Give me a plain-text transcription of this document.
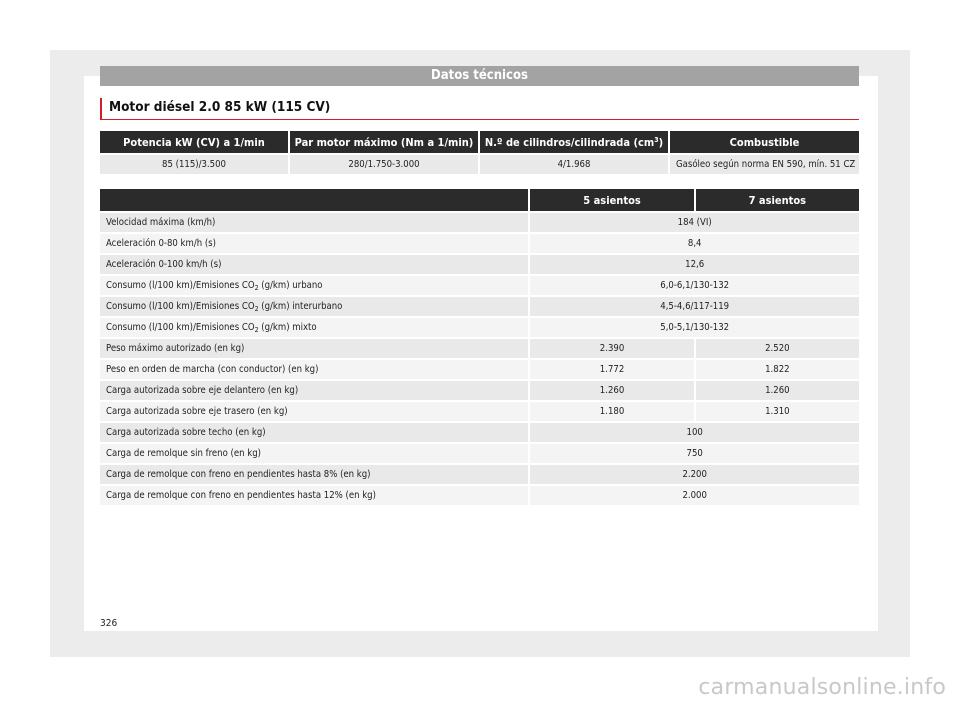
Datos técnicos
Motor diésel 2.0 85 kW (115 CV)
Potencia kW (CV) a 1/min	Par motor máximo (Nm a 1/min)	N.º de cilindros/cilindrada $(cm^3)$	Combustible
85 (115)/3.500	280/1.750-3.000	4/1.968	Gasóleo según norma EN 590, mín. 51 CZ
	5 asientos	7 asientos
Velocidad máxima (km/h)	184 (VI)	
Aceleración 0-80 km/h (s)	8,4	
Aceleración 0-100 km/h (s)	12,6	
Consumo (l/100 km)/Emisiones $CO_2$ (g/km) urbano	6,0-6,1/130-132	
Consumo (l/100 km)/Emisiones $CO_2$ (g/km) interurbano	4,5-4,6/117-119	
Consumo (l/100 km)/Emisiones $CO_2$ (g/km) mixto	5,0-5,1/130-132	
Peso máximo autorizado (en kg)	2.390	2.520
Peso en orden de marcha (con conductor) (en kg)	1.772	1.822
Carga autorizada sobre eje delantero (en kg)	1.260	1.260
Carga autorizada sobre eje trasero (en kg)	1.180	1.310
Carga autorizada sobre techo (en kg)	100	
Carga de remolque sin freno (en kg)	750	
Carga de remolque con freno en pendientes hasta 8% (en kg)	2.200	
Carga de remolque con freno en pendientes hasta 12% (en kg)	2.000	
326
carmanualsonline.info
